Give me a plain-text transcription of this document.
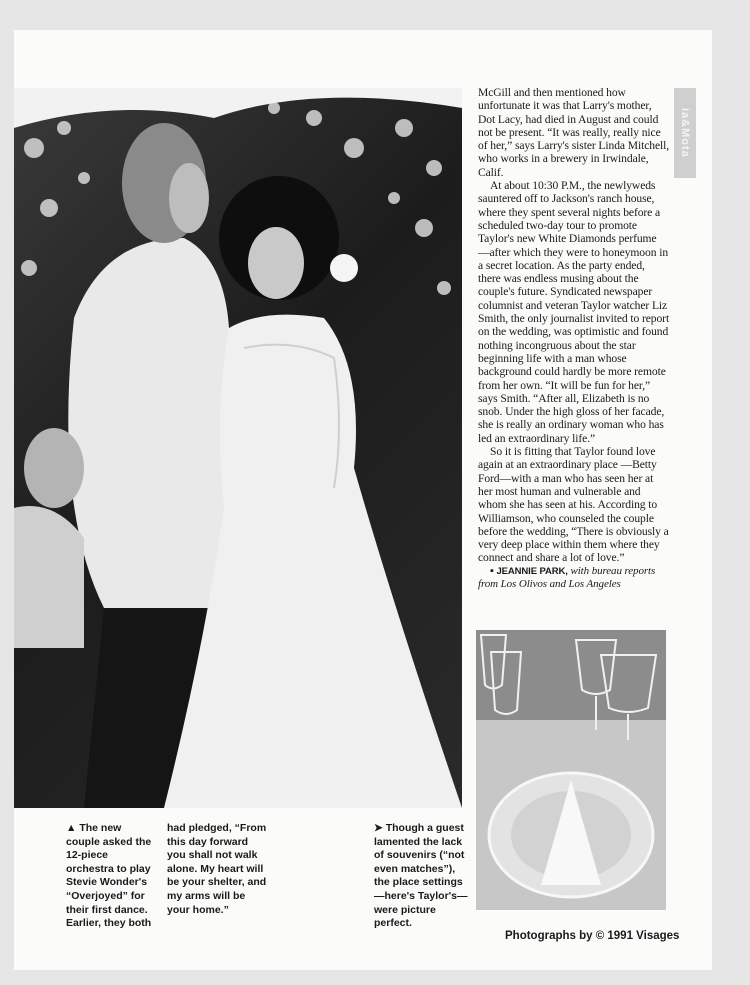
ia&Mota

McGill and then mentioned how unfortunate it was that Larry's mother, Dot Lacy, had died in August and could not be present. “It was really, really nice of her,” says Larry's sister Linda Mitchell, who works in a brewery in Irwindale, Calif.

At about 10:30 P.M., the newlyweds sauntered off to Jackson's ranch house, where they spent several nights before a scheduled two-day tour to promote Taylor's new White Diamonds perfume —after which they were to honeymoon in a secret location. As the party ended, there was endless musing about the couple's future. Syndicated newspaper columnist and veteran Taylor watcher Liz Smith, the only journalist invited to report on the wedding, was optimistic and found nothing incongruous about the star beginning life with a man whose background could hardly be more remote from her own. “It will be fun for her,” says Smith. “After all, Elizabeth is no snob. Under the high gloss of her facade, she is really an ordinary woman who has led an extraordinary life.”

So it is fitting that Taylor found love again at an extraordinary place —Betty Ford—with a man who has seen her at her most human and vulnerable and whom she has seen at his. According to Williamson, who counseled the couple before the wedding, “There is obviously a very deep place within them where they connect and share a lot of love.”

▪ JEANNIE PARK, with bureau reports from Los Olivos and Los Angeles

▲ The new couple asked the 12-piece orchestra to play Stevie Wonder's “Overjoyed” for their first dance. Earlier, they both
had pledged, “From this day forward you shall not walk alone. My heart will be your shelter, and my arms will be your home.”
➤ Though a guest lamented the lack of souvenirs (“not even matches”), the place settings—here's Taylor's—were picture perfect.
Photographs by © 1991 Visages
